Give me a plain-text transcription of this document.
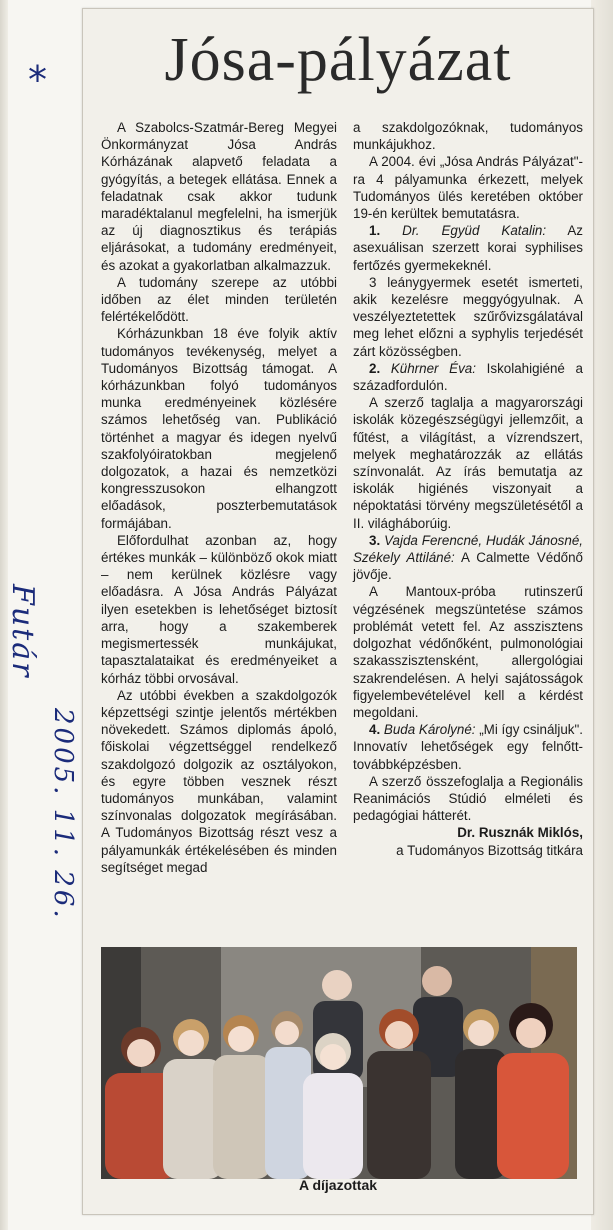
*
Futár
2005. 11. 26.
Jósa-pályázat

A Szabolcs-Szatmár-Bereg Megyei Önkormányzat Jósa András Kórházának alapvető feladata a gyógyítás, a betegek ellátása. Ennek a feladatnak csak akkor tudunk maradéktalanul megfelelni, ha ismerjük az új diagnosztikus és terápiás eljárásokat, a tudomány eredményeit, és azokat a gyakorlatban alkalmazzuk.

A tudomány szerepe az utóbbi időben az élet minden területén felértékelődött.

Kórházunkban 18 éve folyik aktív tudományos tevékenység, melyet a Tudományos Bizottság támogat. A kórházunkban folyó tudományos munka eredményeinek közlésére számos lehetőség van. Publikáció történhet a magyar és idegen nyelvű szakfolyóiratokban megjelenő dolgozatok, a hazai és nemzetközi kongresszusokon elhangzott előadások, poszterbemutatások formájában.

Előfordulhat azonban az, hogy értékes munkák – különböző okok miatt – nem kerülnek közlésre vagy előadásra. A Jósa András Pályázat ilyen esetekben is lehetőséget biztosít arra, hogy a szakemberek megismertessék munkájukat, tapasztalataikat és eredményeiket a kórház többi orvosával.

Az utóbbi években a szakdolgozók képzettségi szintje jelentős mértékben növekedett. Számos diplomás ápoló, főiskolai végzettséggel rendelkező szakdolgozó dolgozik az osztályokon, és egyre többen vesznek részt tudományos munkában, valamint színvonalas dolgozatok megírásában. A Tudományos Bizottság részt vesz a pályamunkák értékelésében és minden segítséget megad

a szakdolgozóknak, tudományos munkájukhoz.

A 2004. évi „Jósa András Pályázat"-ra 4 pályamunka érkezett, melyek Tudományos ülés keretében október 19-én kerültek bemutatásra.

1. Dr. Együd Katalin: Az asexuálisan szerzett korai syphilises fertőzés gyermekeknél.

3 leánygyermek esetét ismerteti, akik kezelésre meggyógyulnak. A veszélyeztetettek szűrővizsgálatával meg lehet előzni a syphylis terjedését zárt közösségben.

2. Kührner Éva: Iskolahigiéné a századfordulón.

A szerző taglalja a magyarországi iskolák közegészségügyi jellemzőit, a fűtést, a világítást, a vízrendszert, melyek meghatározzák az ellátás színvonalát. Az írás bemutatja az iskolák higiénés viszonyait a népoktatási törvény megszületésétől a II. világháborúig.

3. Vajda Ferencné, Hudák Jánosné, Székely Attiláné: A Calmette Védőnő jövője.

A Mantoux-próba rutinszerű végzésének megszüntetése számos problémát vetett fel. Az asszisztens dolgozhat védőnőként, pulmonológiai szakasszisztensként, allergológiai szakrendelésen. A helyi sajátosságok figyelembevételével kell a kérdést megoldani.

4. Buda Károlyné: „Mi így csináljuk". Innovatív lehetőségek egy felnőtt-továbbképzésben.

A szerző összefoglalja a Regionális Reanimációs Stúdió elméleti és pedagógiai hátterét.

Dr. Rusznák Miklós,
a Tudományos Bizottság titkára

A díjazottak
